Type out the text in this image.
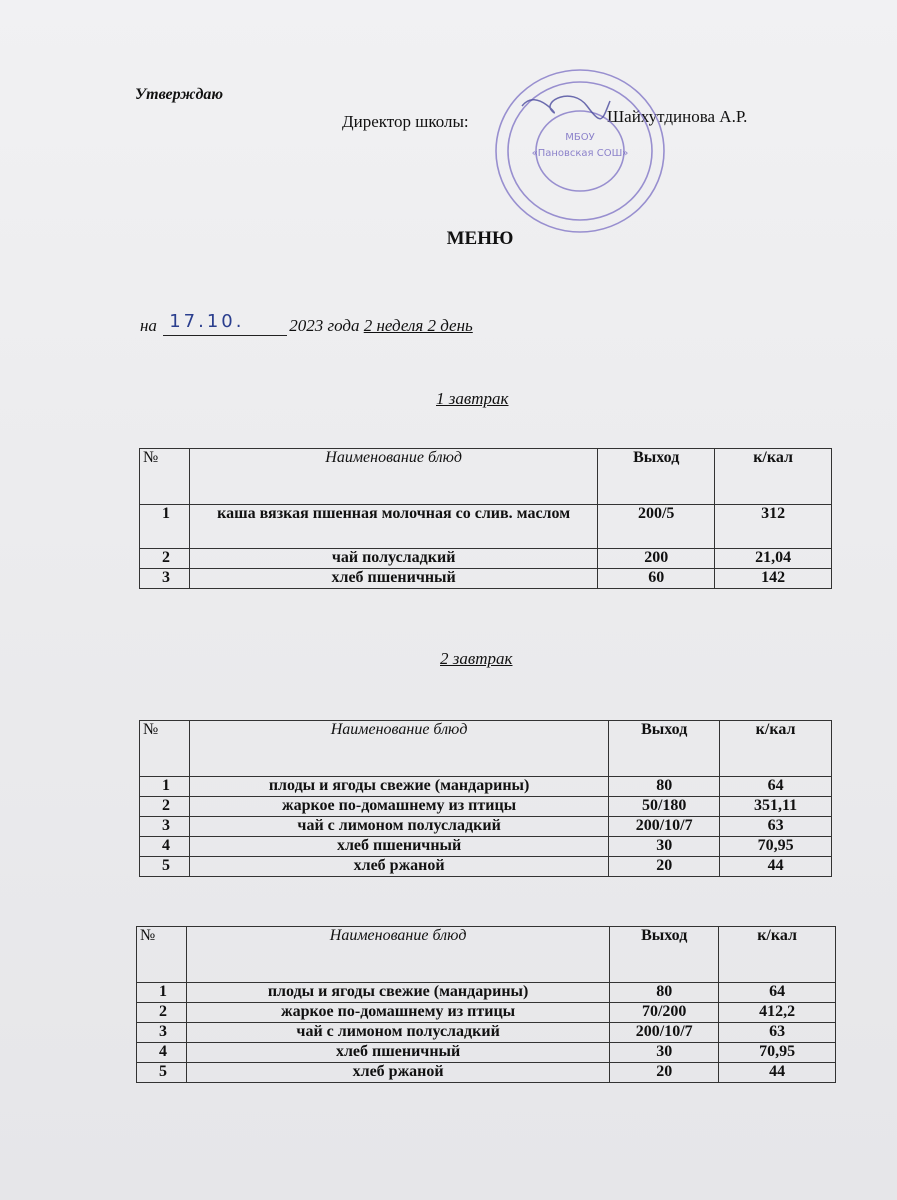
Утверждаю
Директор школы:	Шайхутдинова А.Р.
МБОУ
«Пановская СОШ»
МЕНЮ
на 17.10.	2023 года 2 неделя 2 день
1 завтрак
№	Наименование блюд	Выход	к/кал
1	каша вязкая пшенная молочная со слив. маслом	200/5	312
2	чай полусладкий	200	21,04
3	хлеб пшеничный	60	142
2 завтрак
№	Наименование блюд	Выход	к/кал
1	плоды и ягоды свежие (мандарины)	80	64
2	жаркое по-домашнему из птицы	50/180	351,11
3	чай с лимоном полусладкий	200/10/7	63
4	хлеб пшеничный	30	70,95
5	хлеб ржаной	20	44
№	Наименование блюд	Выход	к/кал
1	плоды и ягоды свежие (мандарины)	80	64
2	жаркое по-домашнему из птицы	70/200	412,2
3	чай с лимоном полусладкий	200/10/7	63
4	хлеб пшеничный	30	70,95
5	хлеб ржаной	20	44
